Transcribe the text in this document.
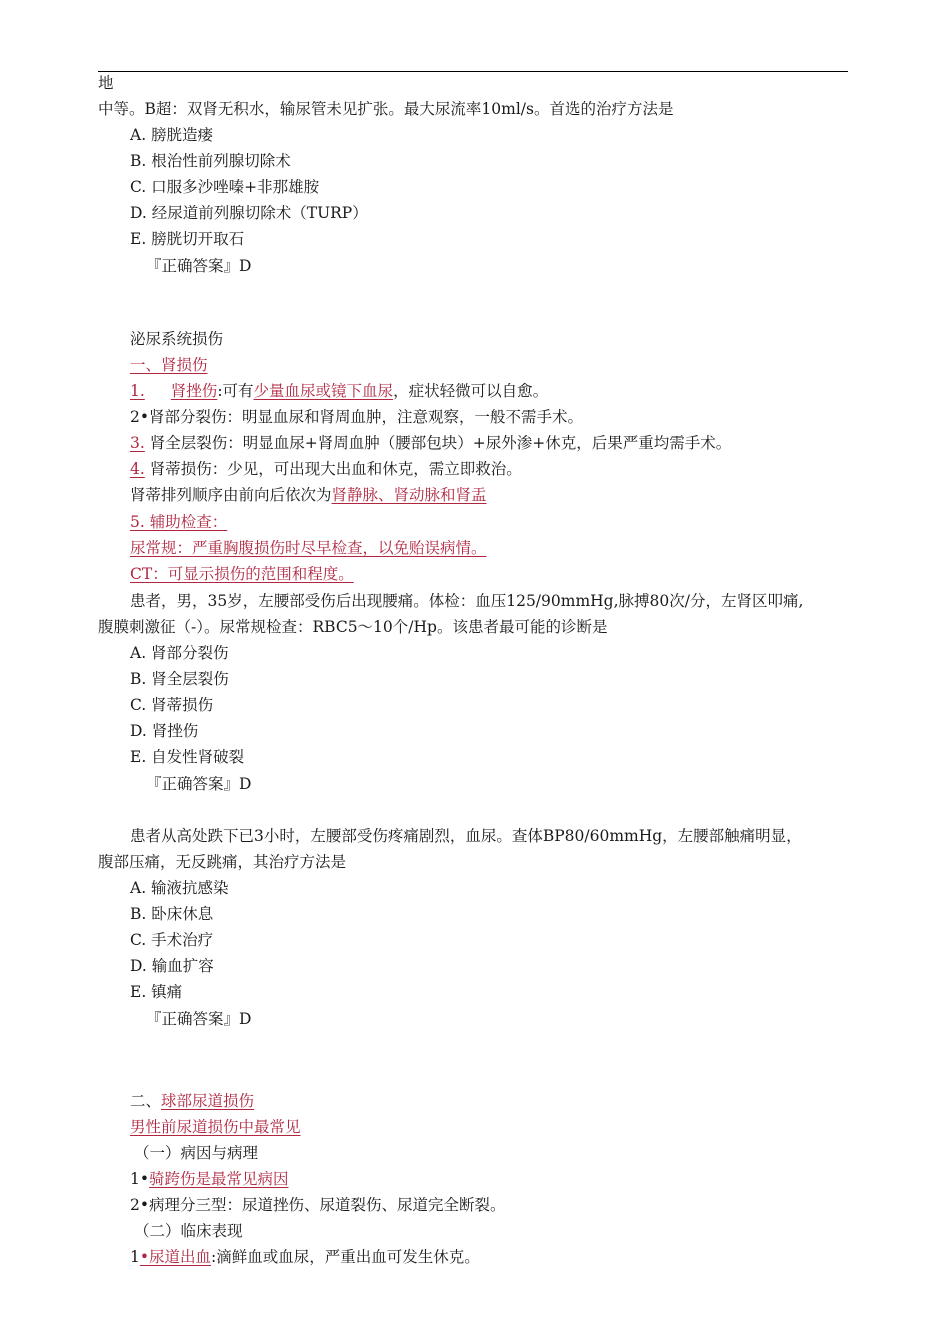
地
中等。B超：双肾无积水，输尿管未见扩张。最大尿流率10ml/s。首选的治疗方法是
A. 膀胱造瘘
B. 根治性前列腺切除术
C. 口服多沙唑嗪+非那雄胺
D. 经尿道前列腺切除术（TURP）
E. 膀胱切开取石
『正确答案』D
泌尿系统损伤
一、肾损伤
1. 肾挫伤:可有少量血尿或镜下血尿，症状轻微可以自愈。
2•肾部分裂伤：明显血尿和肾周血肿，注意观察，一般不需手术。
3. 肾全层裂伤：明显血尿+肾周血肿（腰部包块）+尿外渗+休克，后果严重均需手术。
4. 肾蒂损伤：少见，可出现大出血和休克，需立即救治。
肾蒂排列顺序由前向后依次为肾静脉、肾动脉和肾盂
5. 辅助检查：
尿常规：严重胸腹损伤时尽早检查，以免贻误病情。
CT：可显示损伤的范围和程度。
患者，男，35岁，左腰部受伤后出现腰痛。体检：血压125/90mmHg,脉搏80次/分，左肾区叩痛,
腹膜刺激征（-）。尿常规检查：RBC5～10个/Hp。该患者最可能的诊断是
A. 肾部分裂伤
B. 肾全层裂伤
C. 肾蒂损伤
D. 肾挫伤
E. 自发性肾破裂
『正确答案』D
患者从高处跌下已3小时，左腰部受伤疼痛剧烈，血尿。查体BP80/60mmHg，左腰部触痛明显，
腹部压痛，无反跳痛，其治疗方法是
A. 输液抗感染
B. 卧床休息
C. 手术治疗
D. 输血扩容
E. 镇痛
『正确答案』D
二、球部尿道损伤
男性前尿道损伤中最常见
（一）病因与病理
1•骑跨伤是最常见病因
2•病理分三型：尿道挫伤、尿道裂伤、尿道完全断裂。
（二）临床表现
1•尿道出血:滴鲜血或血尿，严重出血可发生休克。
